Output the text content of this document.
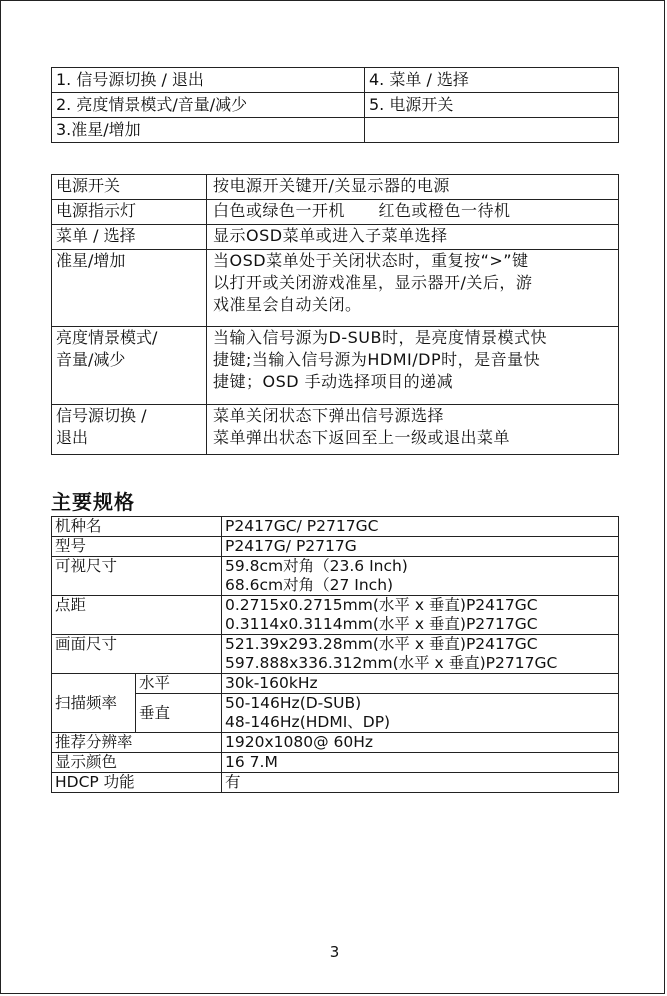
1. 信号源切换 / 退出	4. 菜单 / 选择
2. 亮度情景模式/音量/减少	5. 电源开关
3.准星/增加	
电源开关	按电源开关键开/关显示器的电源

电源指示灯	白色或绿色一开机      红色或橙色一待机

菜单 / 选择	显示OSD菜单或进入子菜单选择

准星/增加	当OSD菜单处于关闭状态时，重复按“>”键
以打开或关闭游戏准星，显示器开/关后，游
戏准星会自动关闭。

亮度情景模式/
音量/减少	当输入信号源为D-SUB时，是亮度情景模式快
捷键;当输入信号源为HDMI/DP时，是音量快
捷键；OSD 手动选择项目的递减

信号源切换 /
退出	菜单关闭状态下弹出信号源选择
菜单弹出状态下返回至上一级或退出菜单
主要规格
机种名		P2417GC/ P2717GC

型号		P2417G/ P2717G

可视尺寸		59.8cm对角（23.6 Inch)
68.6cm对角（27 Inch)

点距		0.2715x0.2715mm(水平 x 垂直)P2417GC
0.3114x0.3114mm(水平 x 垂直)P2717GC

画面尺寸		521.39x293.28mm(水平 x 垂直)P2417GC
597.888x336.312mm(水平 x 垂直)P2717GC

扫描频率	水平	30k-160kHz

	垂直	50-146Hz(D-SUB)
48-146Hz(HDMI、DP)

推荐分辨率		1920x1080@ 60Hz

显示颜色		16 7.M

HDCP 功能		有
3
